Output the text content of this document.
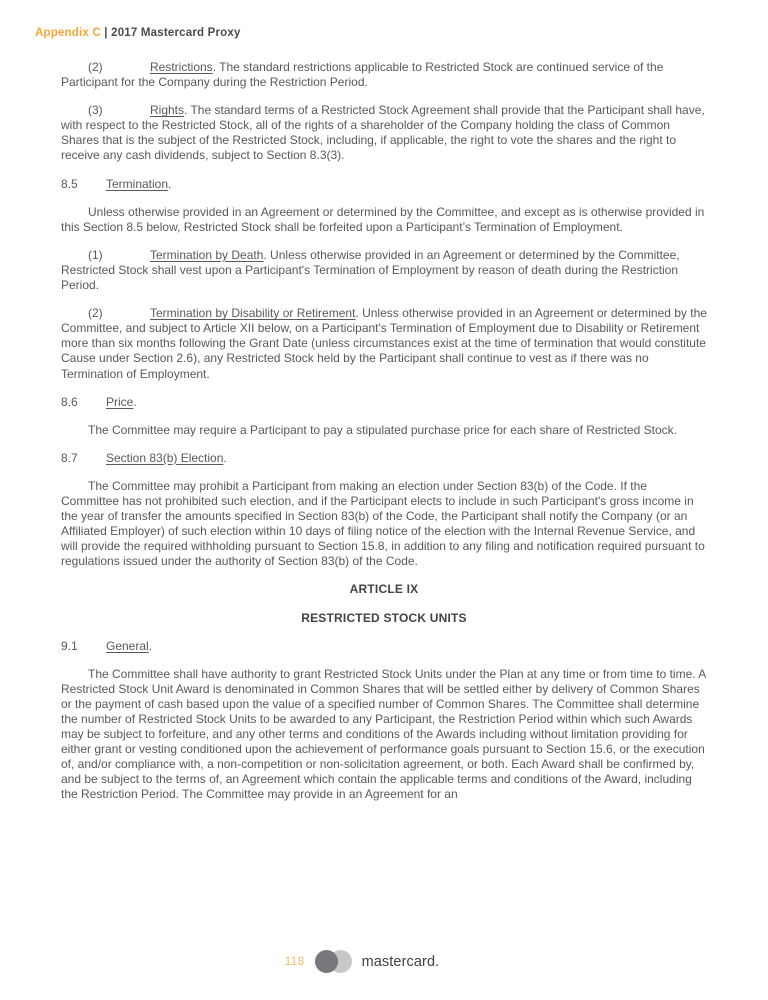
Appendix C | 2017 Mastercard Proxy

(2)	Restrictions. The standard restrictions applicable to Restricted Stock are continued service of the Participant for the Company during the Restriction Period.

(3)	Rights. The standard terms of a Restricted Stock Agreement shall provide that the Participant shall have, with respect to the Restricted Stock, all of the rights of a shareholder of the Company holding the class of Common Shares that is the subject of the Restricted Stock, including, if applicable, the right to vote the shares and the right to receive any cash dividends, subject to Section 8.3(3).

8.5 Termination.

Unless otherwise provided in an Agreement or determined by the Committee, and except as is otherwise provided in this Section 8.5 below, Restricted Stock shall be forfeited upon a Participant’s Termination of Employment.

(1)	Termination by Death. Unless otherwise provided in an Agreement or determined by the Committee, Restricted Stock shall vest upon a Participant's Termination of Employment by reason of death during the Restriction Period.

(2)	Termination by Disability or Retirement. Unless otherwise provided in an Agreement or determined by the Committee, and subject to Article XII below, on a Participant's Termination of Employment due to Disability or Retirement more than six months following the Grant Date (unless circumstances exist at the time of termination that would constitute Cause under Section 2.6), any Restricted Stock held by the Participant shall continue to vest as if there was no Termination of Employment.

8.6 Price.

The Committee may require a Participant to pay a stipulated purchase price for each share of Restricted Stock.

8.7 Section 83(b) Election.

The Committee may prohibit a Participant from making an election under Section 83(b) of the Code. If the Committee has not prohibited such election, and if the Participant elects to include in such Participant's gross income in the year of transfer the amounts specified in Section 83(b) of the Code, the Participant shall notify the Company (or an Affiliated Employer) of such election within 10 days of filing notice of the election with the Internal Revenue Service, and will provide the required withholding pursuant to Section 15.8, in addition to any filing and notification required pursuant to regulations issued under the authority of Section 83(b) of the Code.

ARTICLE IX

RESTRICTED STOCK UNITS

9.1 General.

The Committee shall have authority to grant Restricted Stock Units under the Plan at any time or from time to time. A Restricted Stock Unit Award is denominated in Common Shares that will be settled either by delivery of Common Shares or the payment of cash based upon the value of a specified number of Common Shares. The Committee shall determine the number of Restricted Stock Units to be awarded to any Participant, the Restriction Period within which such Awards may be subject to forfeiture, and any other terms and conditions of the Awards including without limitation providing for either grant or vesting conditioned upon the achievement of performance goals pursuant to Section 15.6, or the execution of, and/or compliance with, a non-competition or non-solicitation agreement, or both. Each Award shall be confirmed by, and be subject to the terms of, an Agreement which contain the applicable terms and conditions of the Award, including the Restriction Period. The Committee may provide in an Agreement for an

118	mastercard.
